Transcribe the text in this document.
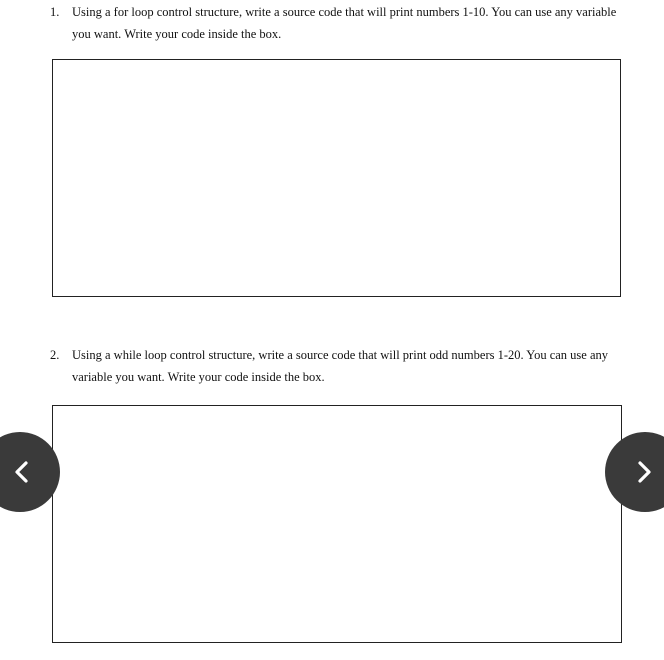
1. Using a for loop control structure, write a source code that will print numbers 1-10. You can use any variable you want. Write your code inside the box.
2. Using a while loop control structure, write a source code that will print odd numbers 1-20. You can use any variable you want. Write your code inside the box.
